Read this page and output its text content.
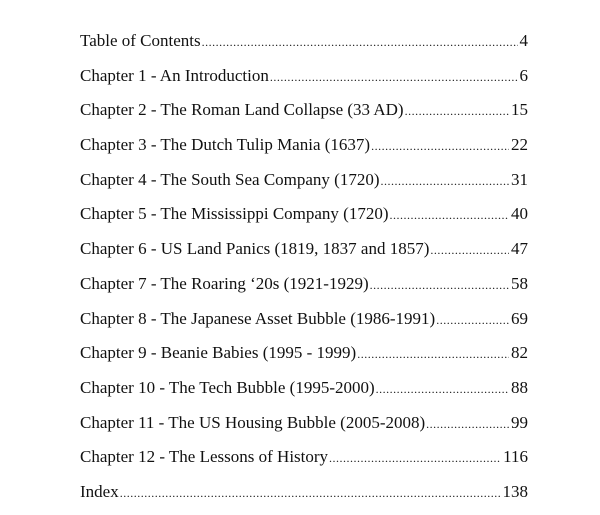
Table of Contents .....	4
Chapter 1 - An Introduction .....	6
Chapter 2 - The Roman Land Collapse (33 AD) .....	15
Chapter 3 - The Dutch Tulip Mania (1637) .....	22
Chapter 4 - The South Sea Company (1720) .....	31
Chapter 5 - The Mississippi Company (1720) .....	40
Chapter 6 - US Land Panics (1819, 1837 and 1857) .....	47
Chapter 7 - The Roaring ‘20s (1921-1929) .....	58
Chapter 8 - The Japanese Asset Bubble (1986-1991) .....	69
Chapter 9 - Beanie Babies (1995 - 1999) .....	82
Chapter 10 - The Tech Bubble (1995-2000) .....	88
Chapter 11 - The US Housing Bubble (2005-2008) .....	99
Chapter 12 - The Lessons of History .....	116
Index .....	138
